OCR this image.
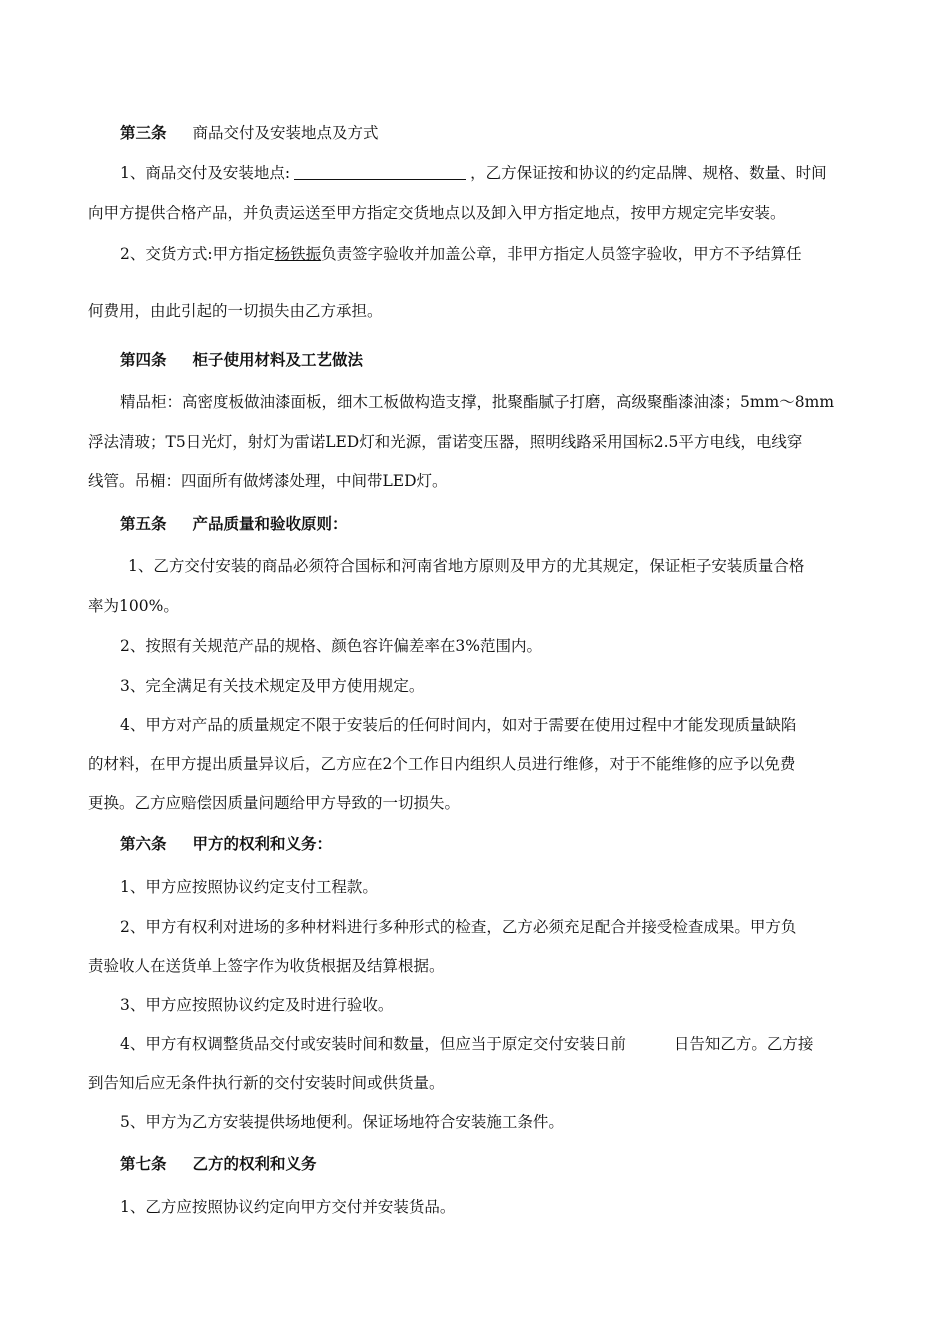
第三条 商品交付及安装地点及方式
1、商品交付及安装地点:	，乙方保证按和协议的约定品牌、规格、数量、时间
向甲方提供合格产品，并负责运送至甲方指定交货地点以及卸入甲方指定地点，按甲方规定完毕安装。
2、交货方式:甲方指定杨铁振负责签字验收并加盖公章，非甲方指定人员签字验收，甲方不予结算任
何费用，由此引起的一切损失由乙方承担。
第四条 柜子使用材料及工艺做法
精品柜：高密度板做油漆面板，细木工板做构造支撑，批聚酯腻子打磨，高级聚酯漆油漆；5mm～8mm
浮法清玻；T5日光灯，射灯为雷诺LED灯和光源，雷诺变压器，照明线路采用国标2.5平方电线，电线穿
线管。吊楣：四面所有做烤漆处理，中间带LED灯。
第五条 产品质量和验收原则：
1、乙方交付安装的商品必须符合国标和河南省地方原则及甲方的尤其规定，保证柜子安装质量合格
率为100%。
2、按照有关规范产品的规格、颜色容许偏差率在3%范围内。
3、完全满足有关技术规定及甲方使用规定。
4、甲方对产品的质量规定不限于安装后的任何时间内，如对于需要在使用过程中才能发现质量缺陷
的材料，在甲方提出质量异议后，乙方应在2个工作日内组织人员进行维修，对于不能维修的应予以免费
更换。乙方应赔偿因质量问题给甲方导致的一切损失。
第六条 甲方的权利和义务：
1、甲方应按照协议约定支付工程款。
2、甲方有权利对进场的多种材料进行多种形式的检查，乙方必须充足配合并接受检查成果。甲方负
责验收人在送货单上签字作为收货根据及结算根据。
3、甲方应按照协议约定及时进行验收。
4、甲方有权调整货品交付或安装时间和数量，但应当于原定交付安装日前	日告知乙方。乙方接
到告知后应无条件执行新的交付安装时间或供货量。
5、甲方为乙方安装提供场地便利。保证场地符合安装施工条件。
第七条 乙方的权利和义务
1、乙方应按照协议约定向甲方交付并安装货品。
